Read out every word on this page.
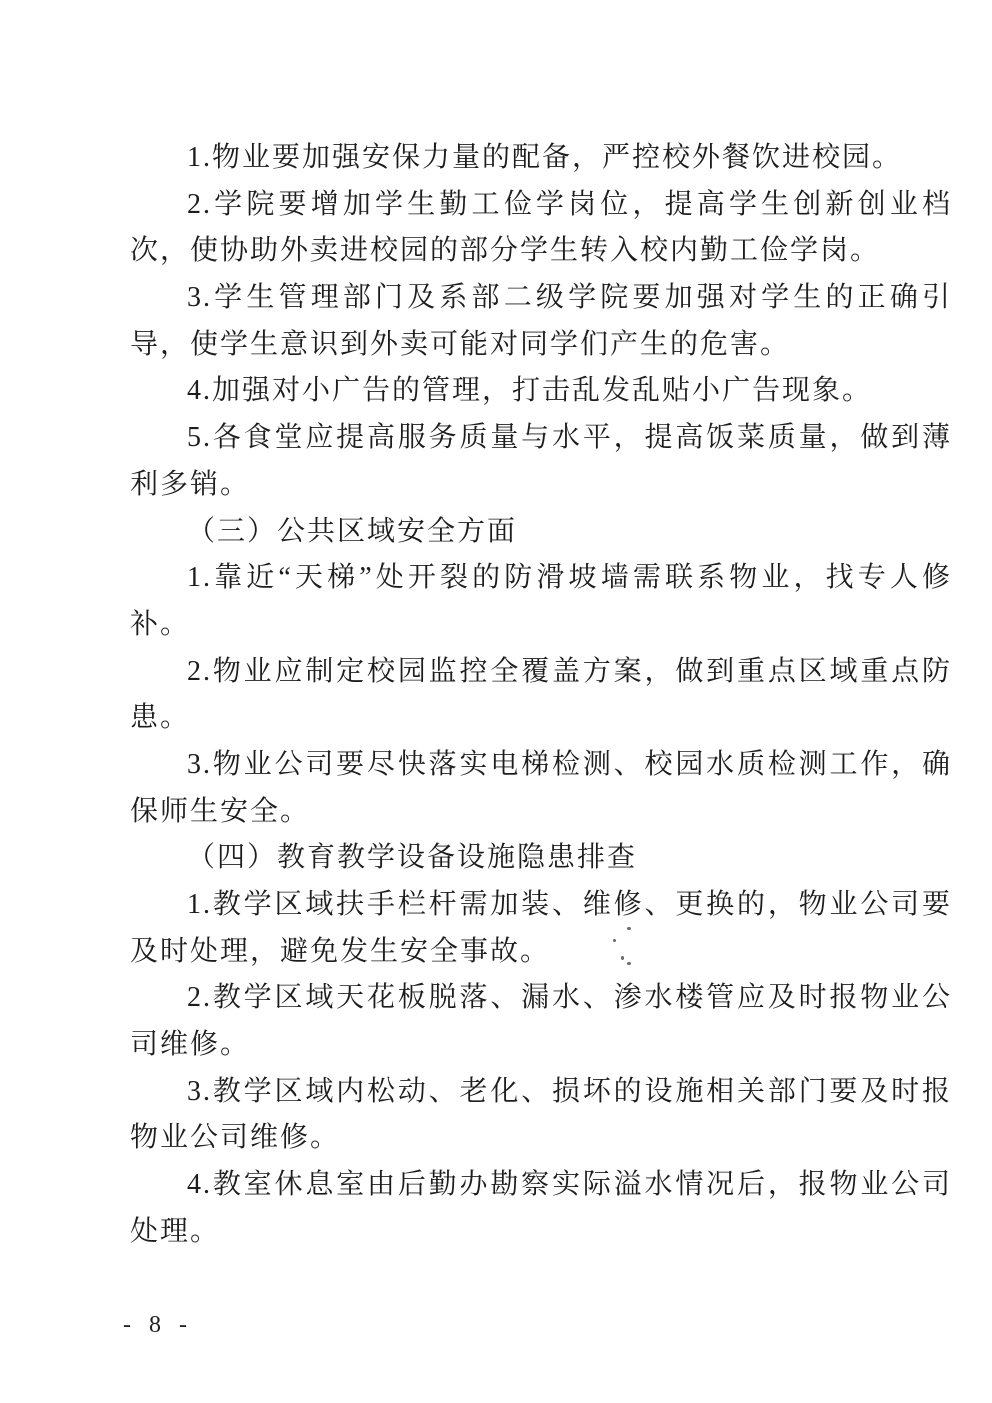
1.物业要加强安保力量的配备，严控校外餐饮进校园。
2.学院要增加学生勤工俭学岗位，提高学生创新创业档
次，使协助外卖进校园的部分学生转入校内勤工俭学岗。
3.学生管理部门及系部二级学院要加强对学生的正确引
导，使学生意识到外卖可能对同学们产生的危害。
4.加强对小广告的管理，打击乱发乱贴小广告现象。
5.各食堂应提高服务质量与水平，提高饭菜质量，做到薄
利多销。
（三）公共区域安全方面
1.靠近“天梯”处开裂的防滑坡墙需联系物业，找专人修
补。
2.物业应制定校园监控全覆盖方案，做到重点区域重点防
患。
3.物业公司要尽快落实电梯检测、校园水质检测工作，确
保师生安全。
（四）教育教学设备设施隐患排查
1.教学区域扶手栏杆需加装、维修、更换的，物业公司要
及时处理，避免发生安全事故。
2.教学区域天花板脱落、漏水、渗水楼管应及时报物业公
司维修。
3.教学区域内松动、老化、损坏的设施相关部门要及时报
物业公司维修。
4.教室休息室由后勤办勘察实际溢水情况后，报物业公司
处理。
- 8 -
